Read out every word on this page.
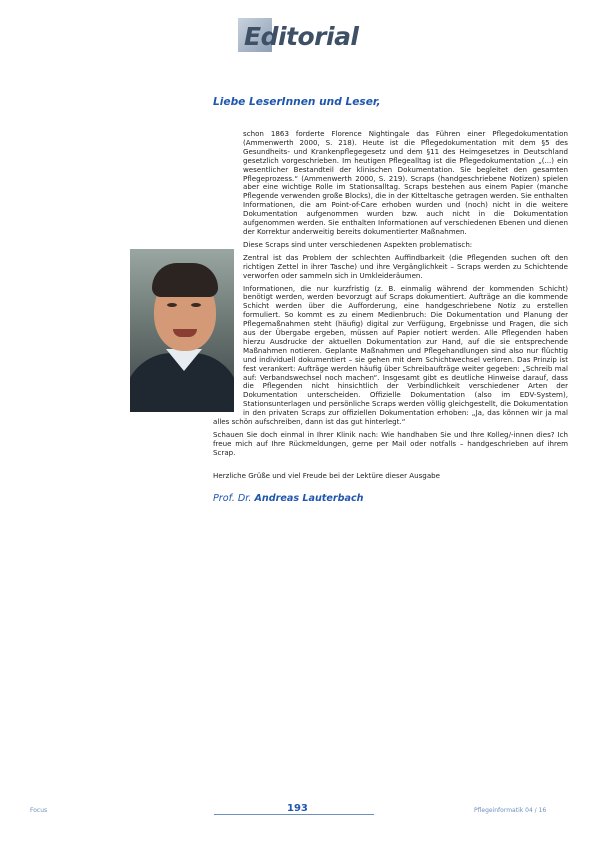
Editorial
Liebe LeserInnen und Leser,

schon 1863 forderte Florence Nightingale das Führen einer Pflegedokumentation (Ammenwerth 2000, S. 218). Heute ist die Pflegedokumentation mit dem §5 des Gesundheits- und Krankenpflegegesetz und dem §11 des Heimgesetzes in Deutschland gesetzlich vorgeschrieben. Im heutigen Pflegealltag ist die Pflegedokumentation „(...) ein wesentlicher Bestandteil der klinischen Dokumentation. Sie begleitet den gesamten Pflegeprozess.“ (Ammenwerth 2000, S. 219). Scraps (handgeschriebene Notizen) spielen aber eine wichtige Rolle im Stationsalltag. Scraps bestehen aus einem Papier (manche Pflegende verwenden große Blocks), die in der Kitteltasche getragen werden. Sie enthalten Informationen, die am Point-of-Care erhoben wurden und (noch) nicht in die weitere Dokumentation aufgenommen wurden bzw. auch nicht in die Dokumentation aufgenommen werden. Sie enthalten Informationen auf verschiedenen Ebenen und dienen der Korrektur anderweitig bereits dokumentierter Maßnahmen.

Diese Scraps sind unter verschiedenen Aspekten problematisch:

Zentral ist das Problem der schlechten Auffindbarkeit (die Pflegenden suchen oft den richtigen Zettel in ihrer Tasche) und ihre Vergänglichkeit – Scraps werden zu Schichtende verworfen oder sammeln sich in Umkleideräumen.

Informationen, die nur kurzfristig (z. B. einmalig während der kommenden Schicht) benötigt werden, werden bevorzugt auf Scraps dokumentiert. Aufträge an die kommende Schicht werden über die Aufforderung, eine handgeschriebene Notiz zu erstellen formuliert. So kommt es zu einem Medienbruch: Die Dokumentation und Planung der Pflegemaßnahmen steht (häufig) digital zur Verfügung, Ergebnisse und Fragen, die sich aus der Übergabe ergeben, müssen auf Papier notiert werden. Alle Pflegenden haben hierzu Ausdrucke der aktuellen Dokumentation zur Hand, auf die sie entsprechende Maßnahmen notieren. Geplante Maßnahmen und Pflegehandlungen sind also nur flüchtig und individuell dokumentiert – sie gehen mit dem Schichtwechsel verloren. Das Prinzip ist fest verankert: Aufträge werden häufig über Schreibaufträge weiter gegeben: „Schreib mal auf: Verbandswechsel noch machen“. Insgesamt gibt es deutliche Hinweise darauf, dass die Pflegenden nicht hinsichtlich der Verbindlichkeit verschiedener Arten der Dokumentation unterscheiden. Offizielle Dokumentation (also im EDV-System), Stationsunterlagen und persönliche Scraps werden völlig gleichgestellt, die Dokumentation in den privaten Scraps zur offiziellen Dokumentation erhoben: „Ja, das können wir ja mal alles schön aufschreiben, dann ist das gut hinterlegt.“

Schauen Sie doch einmal in Ihrer Klinik nach: Wie handhaben Sie und Ihre Kolleg/-innen dies? Ich freue mich auf Ihre Rückmeldungen, gerne per Mail oder notfalls – handgeschrieben auf ihrem Scrap.

Herzliche Grüße und viel Freude bei der Lektüre dieser Ausgabe

Prof. Dr. Andreas Lauterbach
Focus	193	Pflegeinformatik 04 / 16
